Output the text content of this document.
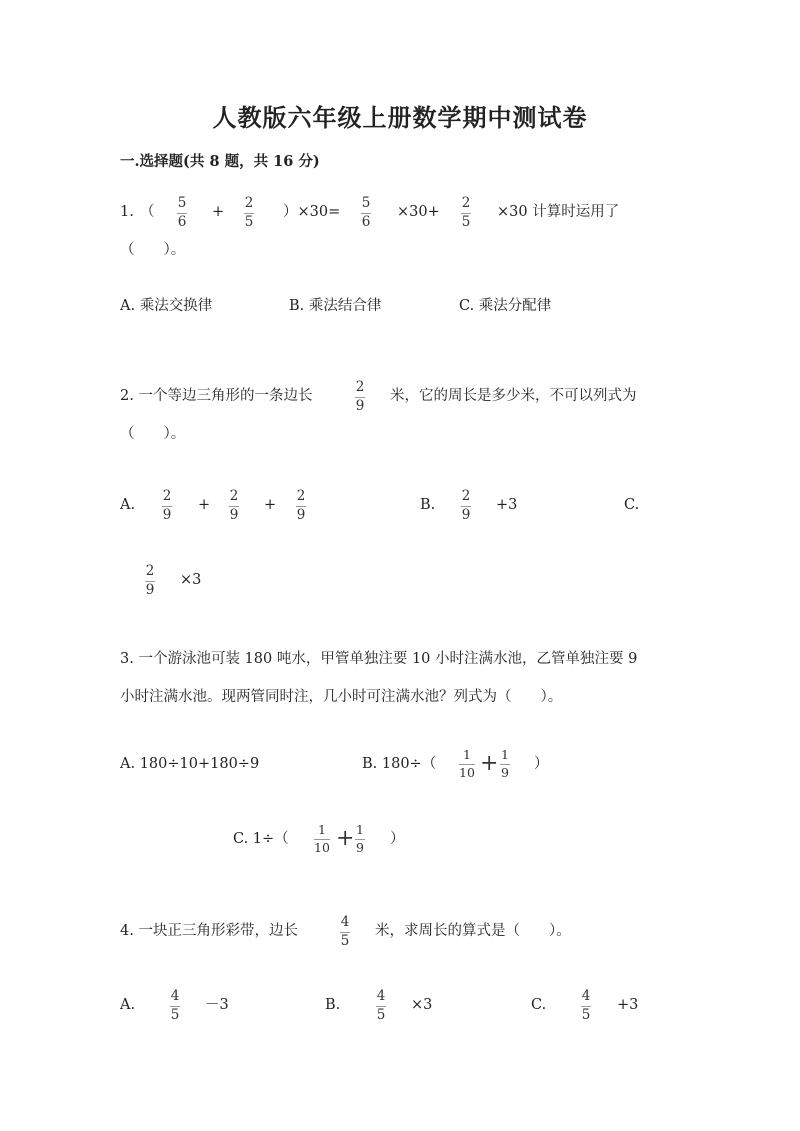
人教版六年级上册数学期中测试卷
一.选择题(共 8 题，共 16 分)
1. （
5
6
+
2
5
）×30=
5
6
×30+
2
5
×30 计算时运用了
（　　）。
A. 乘法交换律	B. 乘法结合律	C. 乘法分配律
2. 一个等边三角形的一条边长
2
9
米，它的周长是多少米，不可以列式为
（　　）。
A.
2
9
+
2
9
+
2
9
B.
2
9
+3	C.
2
9
×3
3. 一个游泳池可装 180 吨水，甲管单独注要 10 小时注满水池，乙管单独注要 9
小时注满水池。现两管同时注，几小时可注满水池？列式为（　　）。
A. 180÷10+180÷9	B. 180÷（
1
10 + 1
9
）
C. 1÷（
1
10 + 1
9
）
4. 一块正三角形彩带，边长
4
5
米，求周长的算式是（　　）。
A.
4
5
－3	B.
4
5
×3	C.
4
5
+3
